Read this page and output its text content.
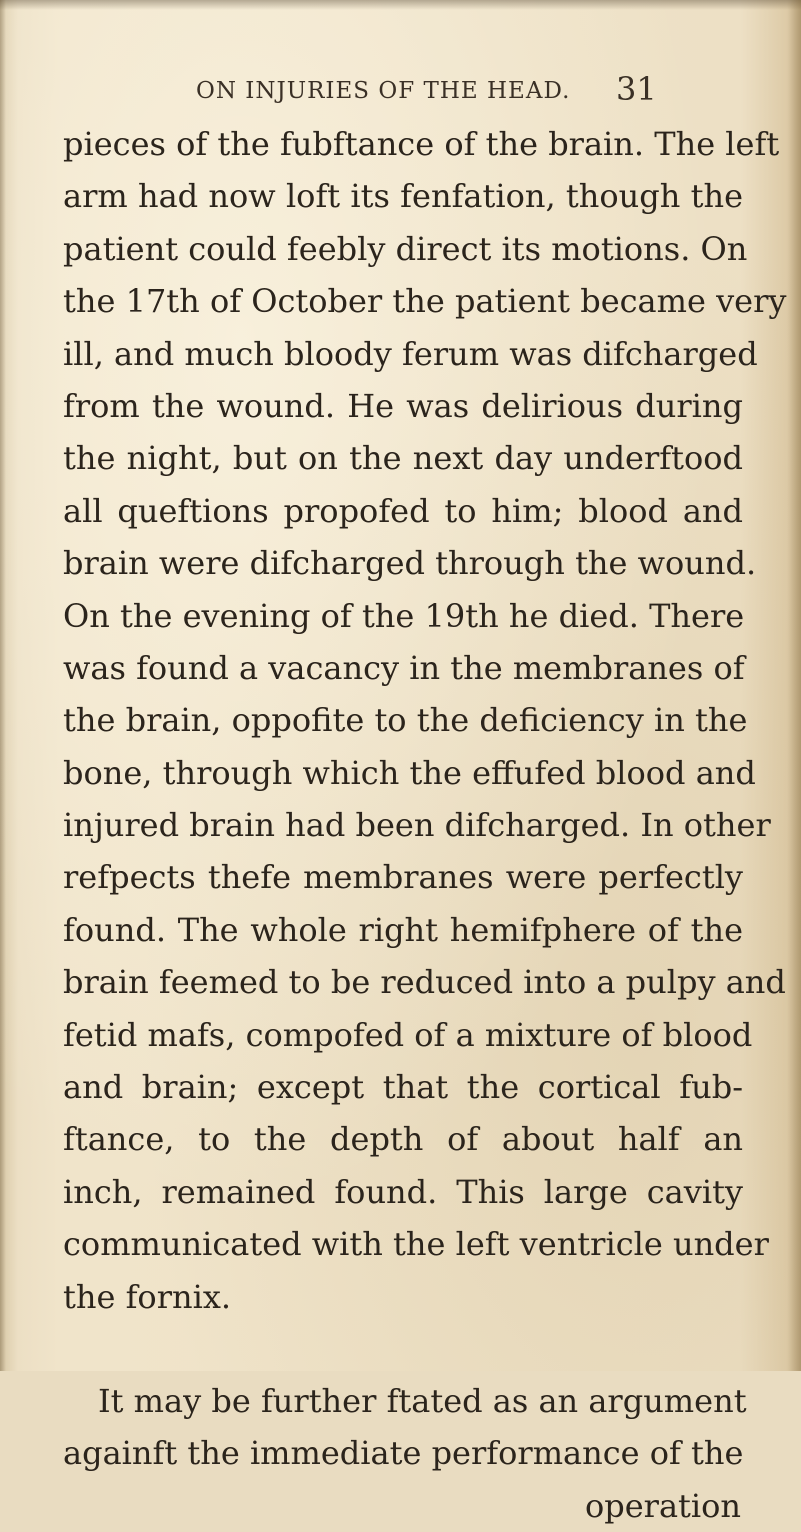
ON INJURIES OF THE HEAD. 31
pieces of the fubftance of the brain. The left
arm had now loft its fenfation, though the
patient could feebly direct its motions. On
the 17th of October the patient became very
ill, and much bloody ferum was difcharged
from the wound. He was delirious during
the night, but on the next day underftood
all queftions propofed to him; blood and
brain were difcharged through the wound.
On the evening of the 19th he died. There
was found a vacancy in the membranes of
the brain, oppofite to the deficiency in the
bone, through which the effufed blood and
injured brain had been difcharged. In other
refpects thefe membranes were perfectly
found. The whole right hemifphere of the
brain feemed to be reduced into a pulpy and
fetid mafs, compofed of a mixture of blood
and brain; except that the cortical fub-
ftance, to the depth of about half an
inch, remained found. This large cavity
communicated with the left ventricle under
the fornix.
It may be further ftated as an argument
againft the immediate performance of the
operation
